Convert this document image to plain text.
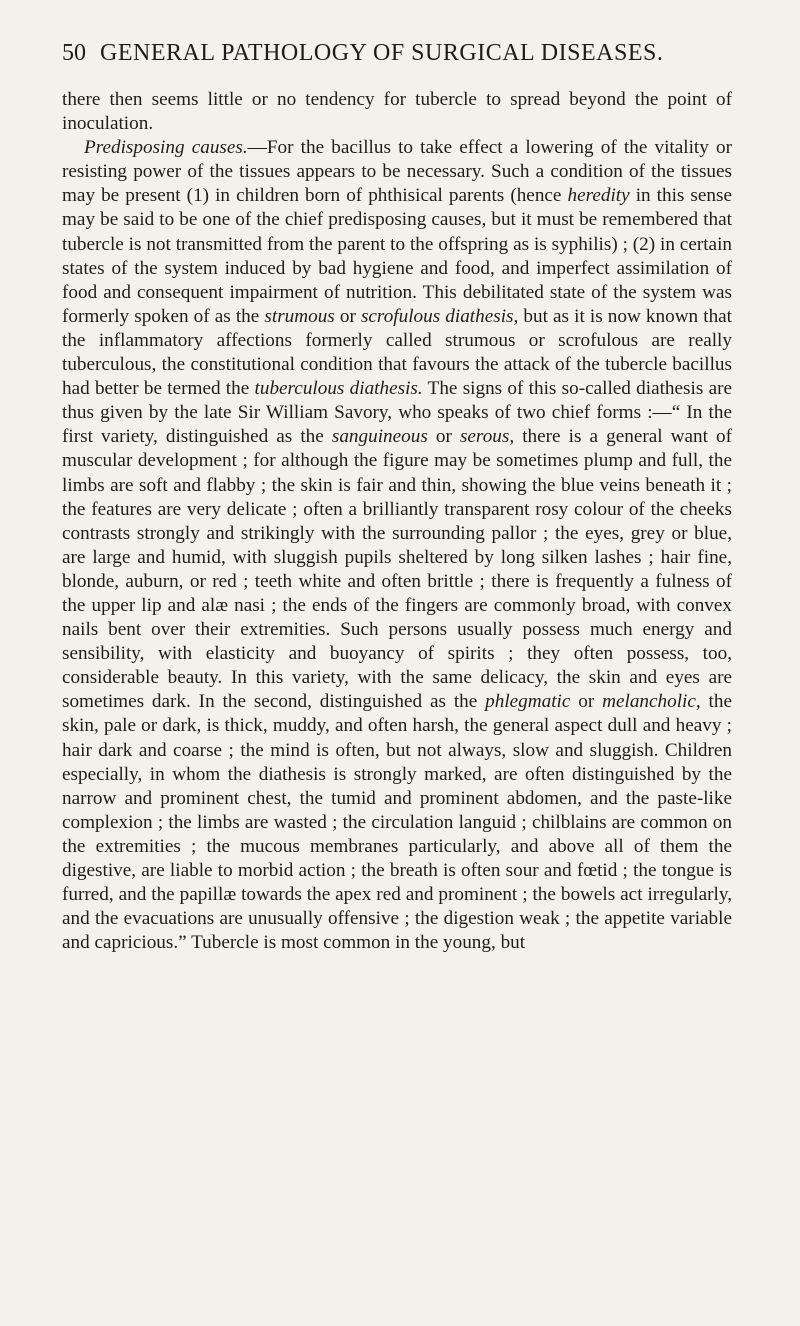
50 GENERAL PATHOLOGY OF SURGICAL DISEASES.

there then seems little or no tendency for tubercle to spread beyond the point of inoculation.

Predisposing causes.—For the bacillus to take effect a lowering of the vitality or resisting power of the tissues appears to be necessary. Such a condition of the tissues may be present (1) in children born of phthisical parents (hence heredity in this sense may be said to be one of the chief predisposing causes, but it must be remembered that tubercle is not transmitted from the parent to the offspring as is syphilis) ; (2) in certain states of the system induced by bad hygiene and food, and imperfect assimilation of food and consequent impairment of nutrition. This debilitated state of the system was formerly spoken of as the strumous or scrofulous diathesis, but as it is now known that the inflammatory affections formerly called strumous or scrofulous are really tuberculous, the constitutional condition that favours the attack of the tubercle bacillus had better be termed the tuberculous diathesis. The signs of this so-called diathesis are thus given by the late Sir William Savory, who speaks of two chief forms :—“ In the first variety, distinguished as the sanguineous or serous, there is a general want of muscular development ; for although the figure may be sometimes plump and full, the limbs are soft and flabby ; the skin is fair and thin, showing the blue veins beneath it ; the features are very delicate ; often a brilliantly transparent rosy colour of the cheeks contrasts strongly and strikingly with the surrounding pallor ; the eyes, grey or blue, are large and humid, with sluggish pupils sheltered by long silken lashes ; hair fine, blonde, auburn, or red ; teeth white and often brittle ; there is frequently a fulness of the upper lip and alæ nasi ; the ends of the fingers are commonly broad, with convex nails bent over their extremities. Such persons usually possess much energy and sensibility, with elasticity and buoyancy of spirits ; they often possess, too, considerable beauty. In this variety, with the same delicacy, the skin and eyes are sometimes dark. In the second, distinguished as the phlegmatic or melancholic, the skin, pale or dark, is thick, muddy, and often harsh, the general aspect dull and heavy ; hair dark and coarse ; the mind is often, but not always, slow and sluggish. Children especially, in whom the diathesis is strongly marked, are often distinguished by the narrow and prominent chest, the tumid and prominent abdomen, and the paste-like complexion ; the limbs are wasted ; the circulation languid ; chilblains are common on the extremities ; the mucous membranes particularly, and above all of them the digestive, are liable to morbid action ; the breath is often sour and fœtid ; the tongue is furred, and the papillæ towards the apex red and prominent ; the bowels act irregularly, and the evacuations are unusually offensive ; the digestion weak ; the appetite variable and capricious.” Tubercle is most common in the young, but
